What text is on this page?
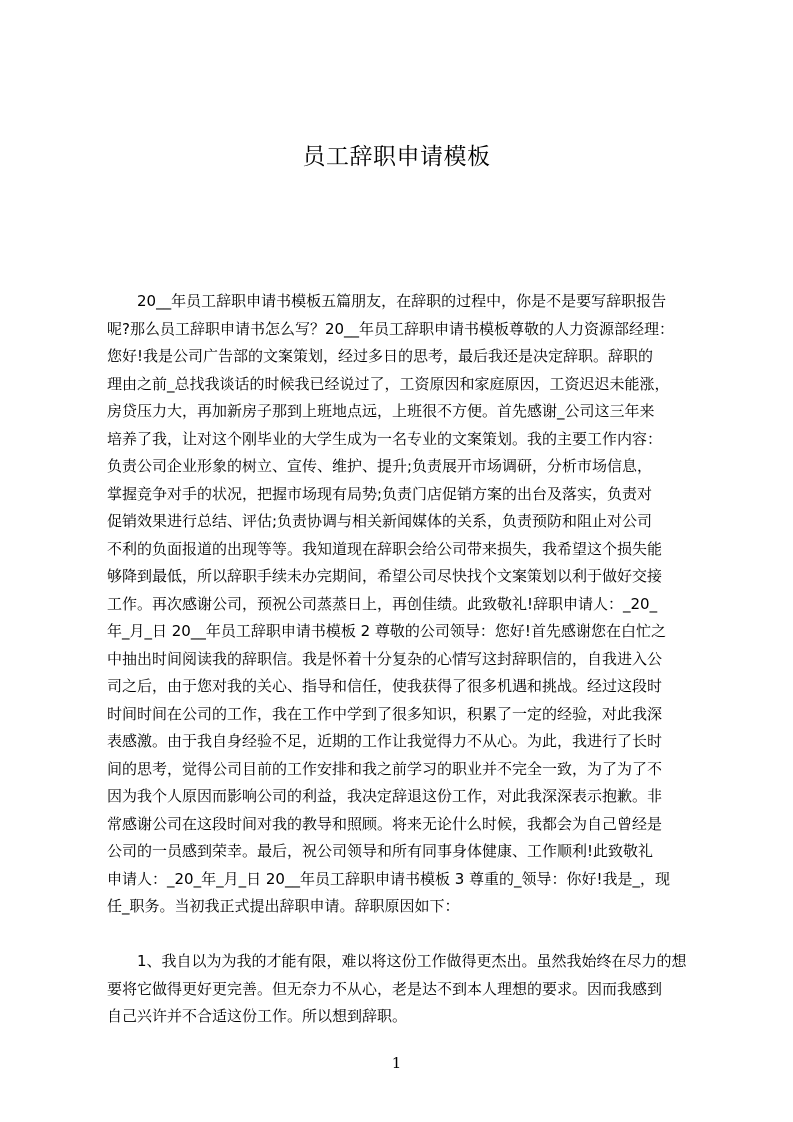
员工辞职申请模板
20__年员工辞职申请书模板五篇朋友，在辞职的过程中，你是不是要写辞职报告
呢?那么员工辞职申请书怎么写？20__年员工辞职申请书模板尊敬的人力资源部经理：
您好!我是公司广告部的文案策划，经过多日的思考，最后我还是决定辞职。辞职的
理由之前_总找我谈话的时候我已经说过了，工资原因和家庭原因，工资迟迟未能涨，
房贷压力大，再加新房子那到上班地点远，上班很不方便。首先感谢_公司这三年来
培养了我，让对这个刚毕业的大学生成为一名专业的文案策划。我的主要工作内容：
负责公司企业形象的树立、宣传、维护、提升;负责展开市场调研，分析市场信息，
掌握竞争对手的状况，把握市场现有局势;负责门店促销方案的出台及落实，负责对
促销效果进行总结、评估;负责协调与相关新闻媒体的关系，负责预防和阻止对公司
不利的负面报道的出现等等。我知道现在辞职会给公司带来损失，我希望这个损失能
够降到最低，所以辞职手续未办完期间，希望公司尽快找个文案策划以利于做好交接
工作。再次感谢公司，预祝公司蒸蒸日上，再创佳绩。此致敬礼!辞职申请人：_20_
年_月_日 20__年员工辞职申请书模板 2 尊敬的公司领导：您好!首先感谢您在白忙之
中抽出时间阅读我的辞职信。我是怀着十分复杂的心情写这封辞职信的，自我进入公
司之后，由于您对我的关心、指导和信任，使我获得了很多机遇和挑战。经过这段时
时间时间在公司的工作，我在工作中学到了很多知识，积累了一定的经验，对此我深
表感激。由于我自身经验不足，近期的工作让我觉得力不从心。为此，我进行了长时
间的思考，觉得公司目前的工作安排和我之前学习的职业并不完全一致，为了为了不
因为我个人原因而影响公司的利益，我决定辞退这份工作，对此我深深表示抱歉。非
常感谢公司在这段时间对我的教导和照顾。将来无论什么时候，我都会为自己曾经是
公司的一员感到荣幸。最后，祝公司领导和所有同事身体健康、工作顺利!此致敬礼
申请人：_20_年_月_日 20__年员工辞职申请书模板 3 尊重的_领导：你好!我是_，现
任_职务。当初我正式提出辞职申请。辞职原因如下：
1、我自以为为我的才能有限，难以将这份工作做得更杰出。虽然我始终在尽力的想
要将它做得更好更完善。但无奈力不从心，老是达不到本人理想的要求。因而我感到
自己兴许并不合适这份工作。所以想到辞职。
1
